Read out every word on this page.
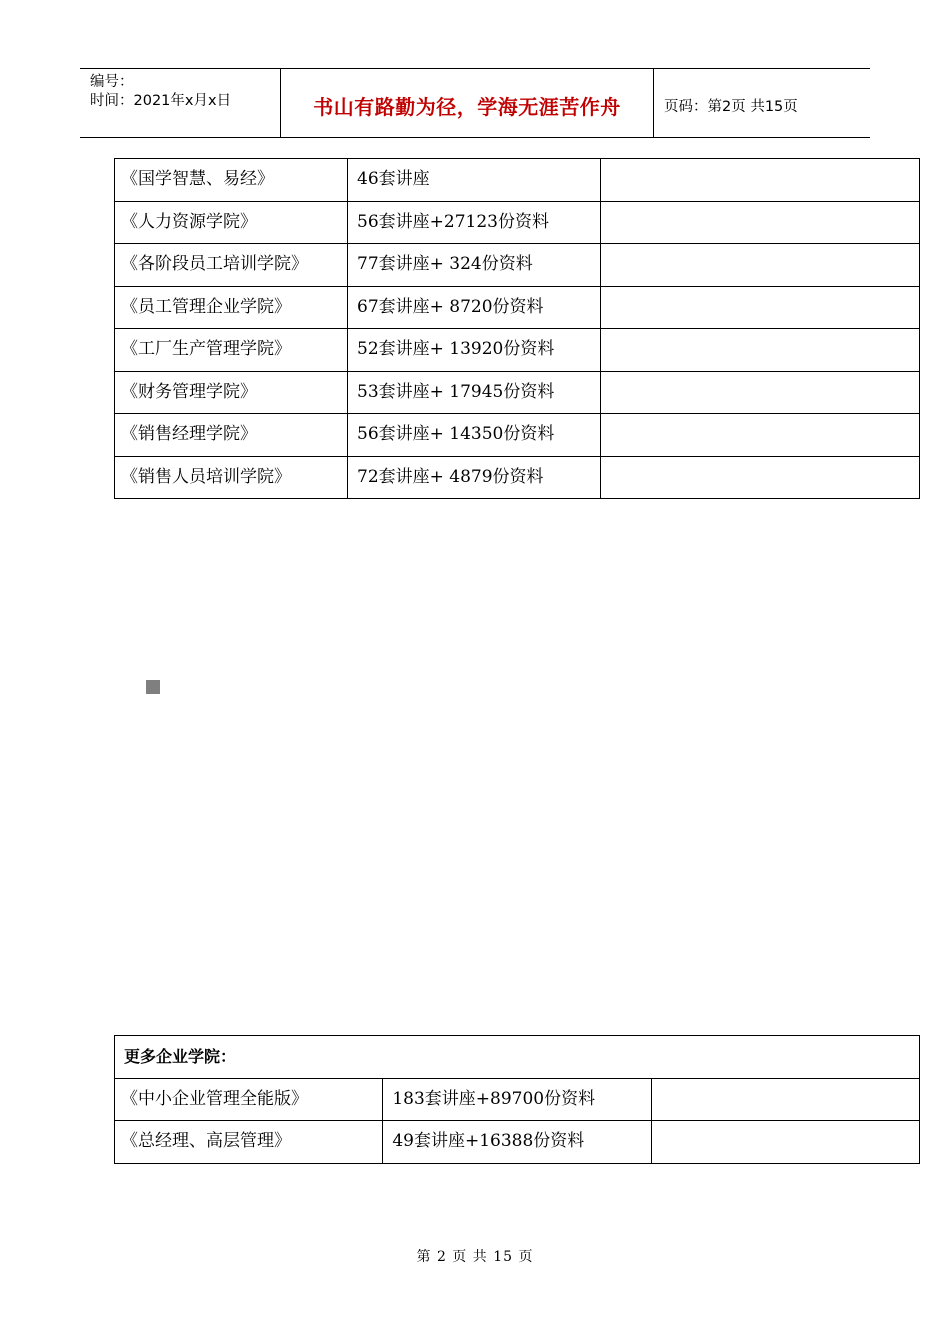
编号：
时间：2021年x月x日	书山有路勤为径，学海无涯苦作舟	页码：第2页 共15页
《国学智慧、易经》	46套讲座	
《人力资源学院》	56套讲座+27123份资料	
《各阶段员工培训学院》	77套讲座+ 324份资料	
《员工管理企业学院》	67套讲座+ 8720份资料	
《工厂生产管理学院》	52套讲座+ 13920份资料	
《财务管理学院》	53套讲座+ 17945份资料	
《销售经理学院》	56套讲座+ 14350份资料	
《销售人员培训学院》	72套讲座+ 4879份资料	
更多企业学院：		
《中小企业管理全能版》	183套讲座+89700份资料	
《总经理、高层管理》	49套讲座+16388份资料	
第 2 页 共 15 页
